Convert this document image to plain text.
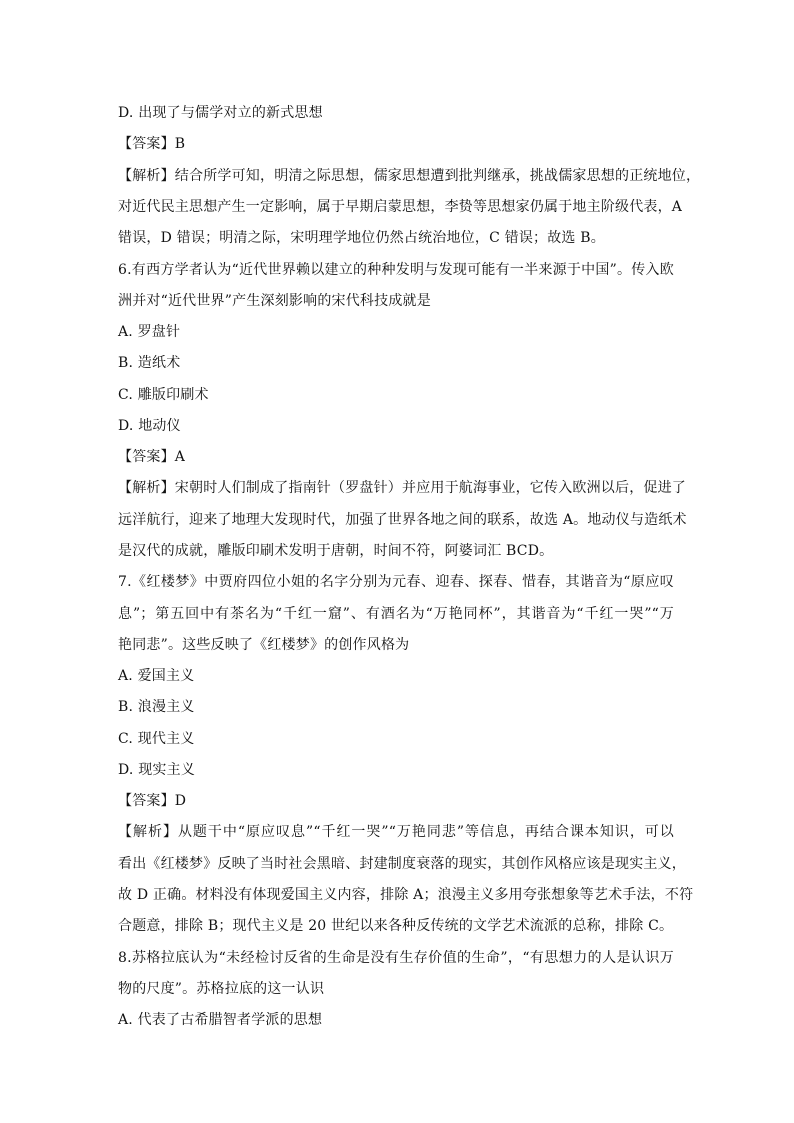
D. 出现了与儒学对立的新式思想
【答案】B
【解析】结合所学可知，明清之际思想，儒家思想遭到批判继承，挑战儒家思想的正统地位，
对近代民主思想产生一定影响，属于早期启蒙思想，李贽等思想家仍属于地主阶级代表，A
错误，D 错误；明清之际，宋明理学地位仍然占统治地位，C 错误；故选 B。
6.有西方学者认为“近代世界赖以建立的种种发明与发现可能有一半来源于中国”。传入欧
洲并对“近代世界”产生深刻影响的宋代科技成就是
A. 罗盘针
B. 造纸术
C. 雕版印刷术
D. 地动仪
【答案】A
【解析】宋朝时人们制成了指南针（罗盘针）并应用于航海事业，它传入欧洲以后，促进了
远洋航行，迎来了地理大发现时代，加强了世界各地之间的联系，故选 A。地动仪与造纸术
是汉代的成就，雕版印刷术发明于唐朝，时间不符，阿婆词汇 BCD。
7.《红楼梦》中贾府四位小姐的名字分别为元春、迎春、探春、惜春，其谐音为“原应叹
息”；第五回中有茶名为“千红一窟”、有酒名为“万艳同杯”，其谐音为“千红一哭”“万
艳同悲”。这些反映了《红楼梦》的创作风格为
A. 爱国主义
B. 浪漫主义
C. 现代主义
D. 现实主义
【答案】D
【解析】从题干中“原应叹息”“千红一哭”“万艳同悲”等信息，再结合课本知识，可以
看出《红楼梦》反映了当时社会黑暗、封建制度衰落的现实，其创作风格应该是现实主义，
故 D 正确。材料没有体现爱国主义内容，排除 A；浪漫主义多用夸张想象等艺术手法，不符
合题意，排除 B；现代主义是 20 世纪以来各种反传统的文学艺术流派的总称，排除 C。
8.苏格拉底认为“未经检讨反省的生命是没有生存价值的生命”，“有思想力的人是认识万
物的尺度”。苏格拉底的这一认识
A. 代表了古希腊智者学派的思想
